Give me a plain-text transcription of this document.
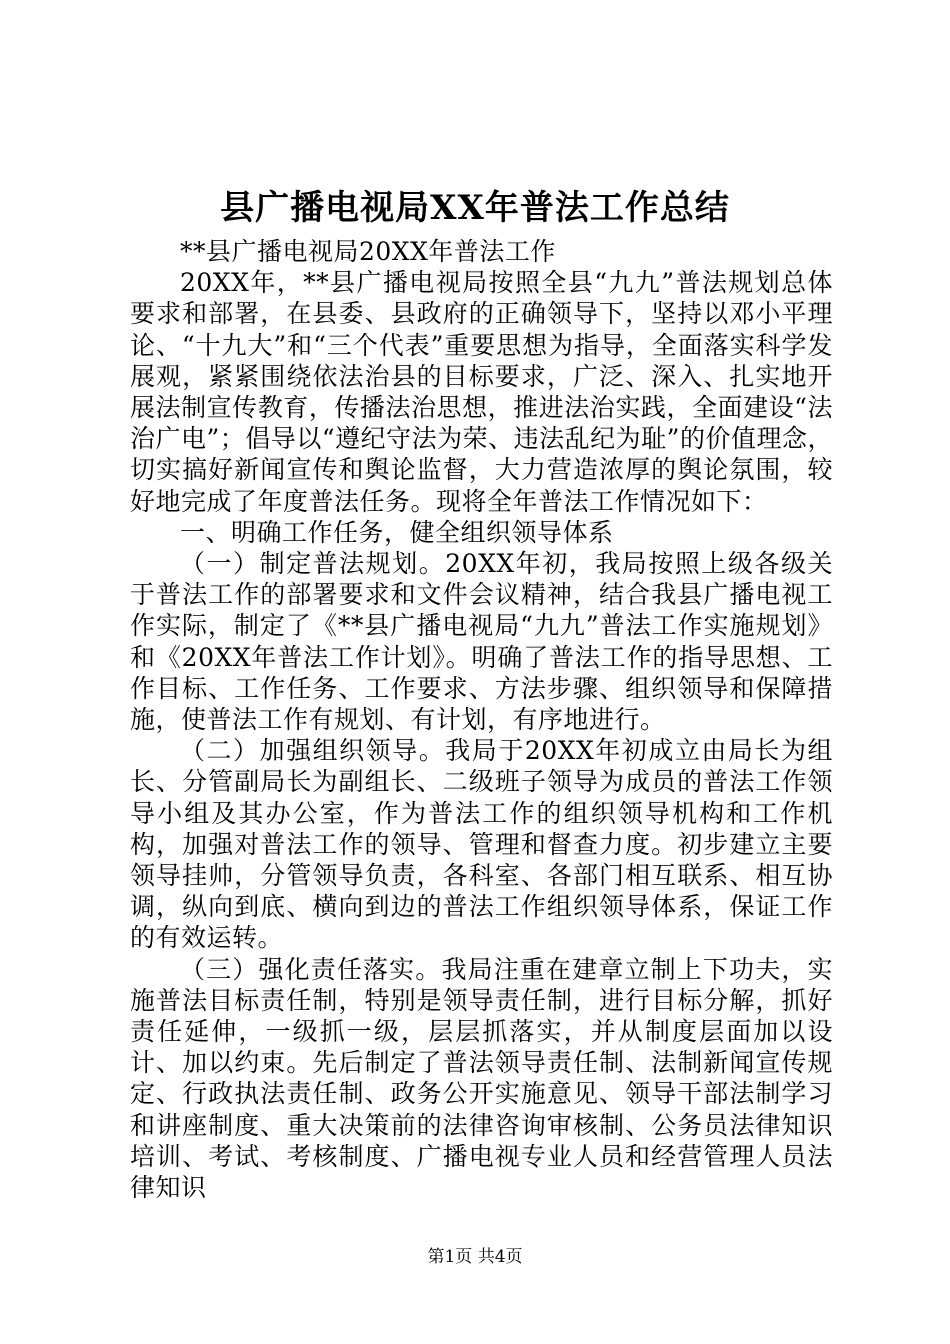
县广播电视局XX年普法工作总结

**县广播电视局20XX年普法工作

20XX年，**县广播电视局按照全县“九九”普法规划总体要求和部署，在县委、县政府的正确领导下，坚持以邓小平理论、“十九大”和“三个代表”重要思想为指导，全面落实科学发展观，紧紧围绕依法治县的目标要求，广泛、深入、扎实地开展法制宣传教育，传播法治思想，推进法治实践，全面建设“法治广电”；倡导以“遵纪守法为荣、违法乱纪为耻”的价值理念，切实搞好新闻宣传和舆论监督，大力营造浓厚的舆论氛围，较好地完成了年度普法任务。现将全年普法工作情况如下：

一、明确工作任务，健全组织领导体系

（一）制定普法规划。20XX年初，我局按照上级各级关于普法工作的部署要求和文件会议精神，结合我县广播电视工作实际，制定了《**县广播电视局“九九”普法工作实施规划》和《20XX年普法工作计划》。明确了普法工作的指导思想、工作目标、工作任务、工作要求、方法步骤、组织领导和保障措施，使普法工作有规划、有计划，有序地进行。

（二）加强组织领导。我局于20XX年初成立由局长为组长、分管副局长为副组长、二级班子领导为成员的普法工作领导小组及其办公室，作为普法工作的组织领导机构和工作机构，加强对普法工作的领导、管理和督查力度。初步建立主要领导挂帅，分管领导负责，各科室、各部门相互联系、相互协调，纵向到底、横向到边的普法工作组织领导体系，保证工作的有效运转。

（三）强化责任落实。我局注重在建章立制上下功夫，实施普法目标责任制，特别是领导责任制，进行目标分解，抓好责任延伸，一级抓一级，层层抓落实，并从制度层面加以设计、加以约束。先后制定了普法领导责任制、法制新闻宣传规定、行政执法责任制、政务公开实施意见、领导干部法制学习和讲座制度、重大决策前的法律咨询审核制、公务员法律知识培训、考试、考核制度、广播电视专业人员和经营管理人员法律知识

第1页 共4页
